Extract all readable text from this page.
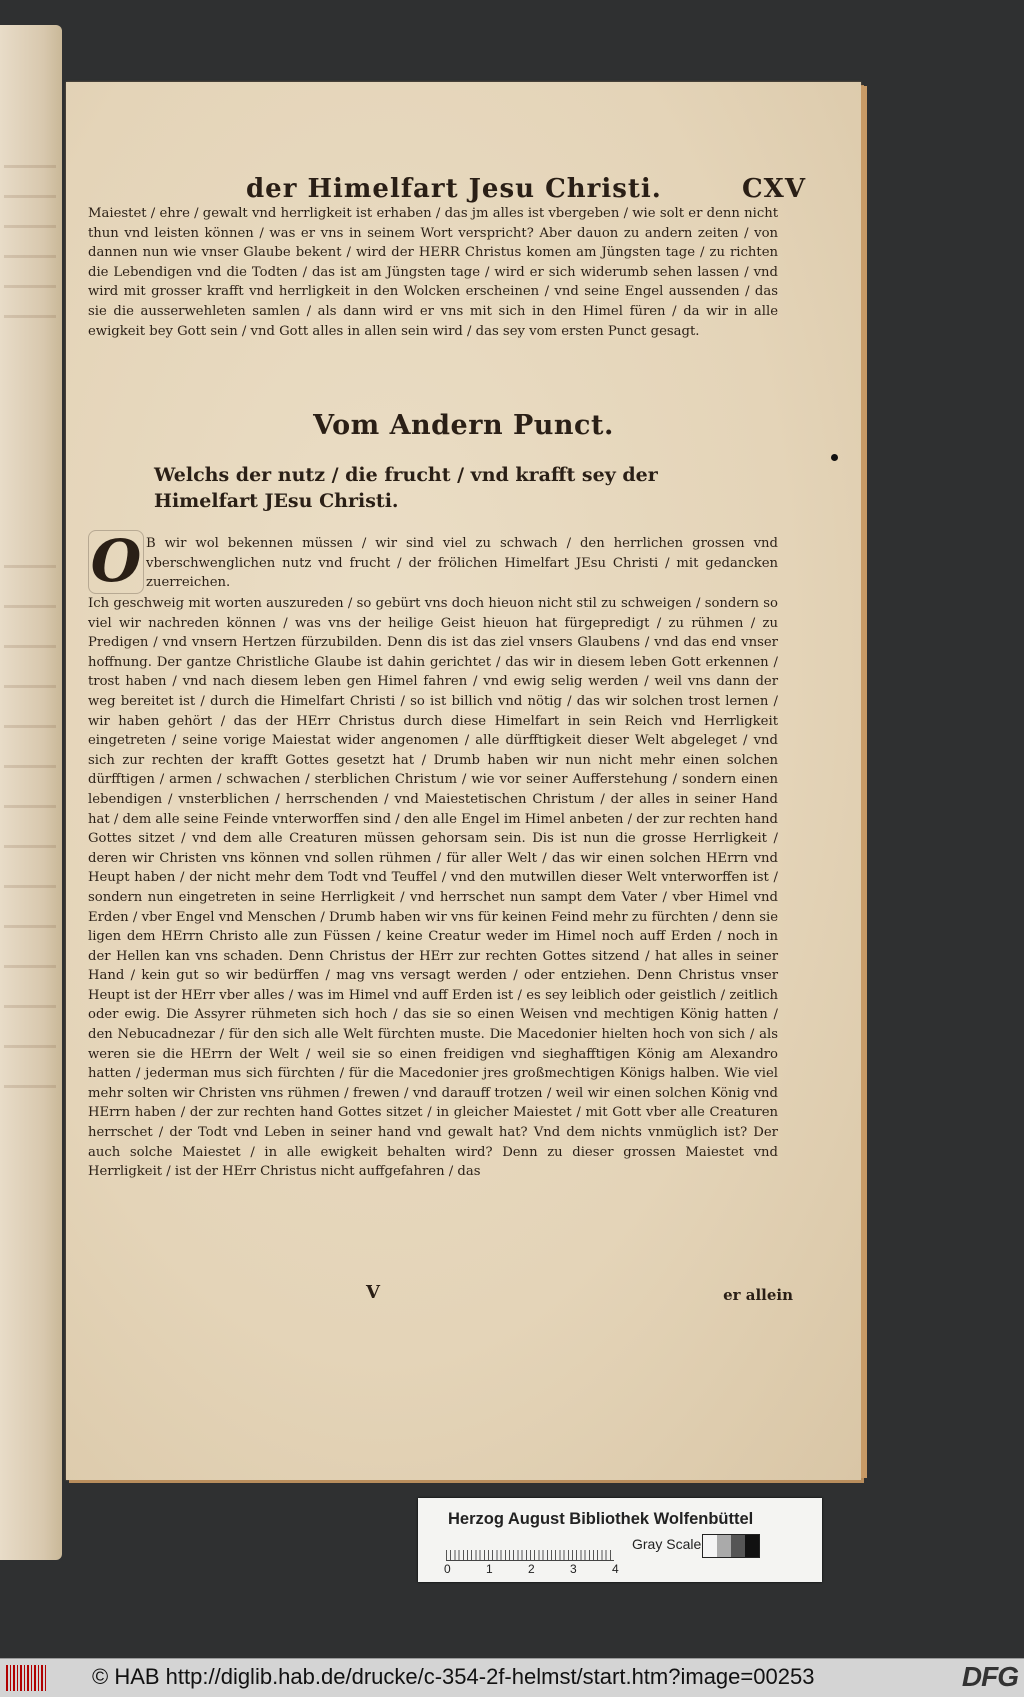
der Himelfart Jesu Christi.	CXV

Maiestet / ehre / gewalt vnd herrligkeit ist erhaben / das jm alles ist vbergeben / wie solt er denn nicht thun vnd leisten können / was er vns in seinem Wort verspricht? Aber dauon zu andern zeiten / von dannen nun wie vnser Glaube bekent / wird der HERR Christus komen am Jüngsten tage / zu richten die Lebendigen vnd die Todten / das ist am Jüngsten tage / wird er sich widerumb sehen lassen / vnd wird mit grosser krafft vnd herrligkeit in den Wolcken erscheinen / vnd seine Engel aussenden / das sie die ausserwehleten samlen / als dann wird er vns mit sich in den Himel füren / da wir in alle ewigkeit bey Gott sein / vnd Gott alles in allen sein wird / das sey vom ersten Punct gesagt.

Vom Andern Punct.
Welchs der nutz / die frucht / vnd krafft sey der Himelfart JEsu Christi.
O B wir wol bekennen müssen / wir sind viel zu schwach / den herrlichen grossen vnd vberschwenglichen nutz vnd frucht / der frölichen Himelfart JEsu Christi / mit gedancken zuerreichen.

Ich geschweig mit worten auszureden / so gebürt vns doch hieuon nicht stil zu schweigen / sondern so viel wir nachreden können / was vns der heilige Geist hieuon hat fürgepredigt / zu rühmen / zu Predigen / vnd vnsern Hertzen fürzubilden. Denn dis ist das ziel vnsers Glaubens / vnd das end vnser hoffnung. Der gantze Christliche Glaube ist dahin gerichtet / das wir in diesem leben Gott erkennen / trost haben / vnd nach diesem leben gen Himel fahren / vnd ewig selig werden / weil vns dann der weg bereitet ist / durch die Himelfart Christi / so ist billich vnd nötig / das wir solchen trost lernen / wir haben gehört / das der HErr Christus durch diese Himelfart in sein Reich vnd Herrligkeit eingetreten / seine vorige Maiestat wider angenomen / alle dürfftigkeit dieser Welt abgeleget / vnd sich zur rechten der krafft Gottes gesetzt hat / Drumb haben wir nun nicht mehr einen solchen dürfftigen / armen / schwachen / sterblichen Christum / wie vor seiner Aufferstehung / sondern einen lebendigen / vnsterblichen / herrschenden / vnd Maiestetischen Christum / der alles in seiner Hand hat / dem alle seine Feinde vnterworffen sind / den alle Engel im Himel anbeten / der zur rechten hand Gottes sitzet / vnd dem alle Creaturen müssen gehorsam sein. Dis ist nun die grosse Herrligkeit / deren wir Christen vns können vnd sollen rühmen / für aller Welt / das wir einen solchen HErrn vnd Heupt haben / der nicht mehr dem Todt vnd Teuffel / vnd den mutwillen dieser Welt vnterworffen ist / sondern nun eingetreten in seine Herrligkeit / vnd herrschet nun sampt dem Vater / vber Himel vnd Erden / vber Engel vnd Menschen / Drumb haben wir vns für keinen Feind mehr zu fürchten / denn sie ligen dem HErrn Christo alle zun Füssen / keine Creatur weder im Himel noch auff Erden / noch in der Hellen kan vns schaden. Denn Christus der HErr zur rechten Gottes sitzend / hat alles in seiner Hand / kein gut so wir bedürffen / mag vns versagt werden / oder entziehen. Denn Christus vnser Heupt ist der HErr vber alles / was im Himel vnd auff Erden ist / es sey leiblich oder geistlich / zeitlich oder ewig. Die Assyrer rühmeten sich hoch / das sie so einen Weisen vnd mechtigen König hatten / den Nebucadnezar / für den sich alle Welt fürchten muste. Die Macedonier hielten hoch von sich / als weren sie die HErrn der Welt / weil sie so einen freidigen vnd sieghafftigen König am Alexandro hatten / jederman mus sich fürchten / für die Macedonier jres großmechtigen Königs halben. Wie viel mehr solten wir Christen vns rühmen / frewen / vnd darauff trotzen / weil wir einen solchen König vnd HErrn haben / der zur rechten hand Gottes sitzet / in gleicher Maiestet / mit Gott vber alle Creaturen herrschet / der Todt vnd Leben in seiner hand vnd gewalt hat? Vnd dem nichts vnmüglich ist? Der auch solche Maiestet / in alle ewigkeit behalten wird? Denn zu dieser grossen Maiestet vnd Herrligkeit / ist der HErr Christus nicht auffgefahren / das

V	er allein
Herzog August Bibliothek Wolfenbüttel
0	1	2	3	4
Gray Scale
© HAB http://diglib.hab.de/drucke/c-354-2f-helmst/start.htm?image=00253	DFG
